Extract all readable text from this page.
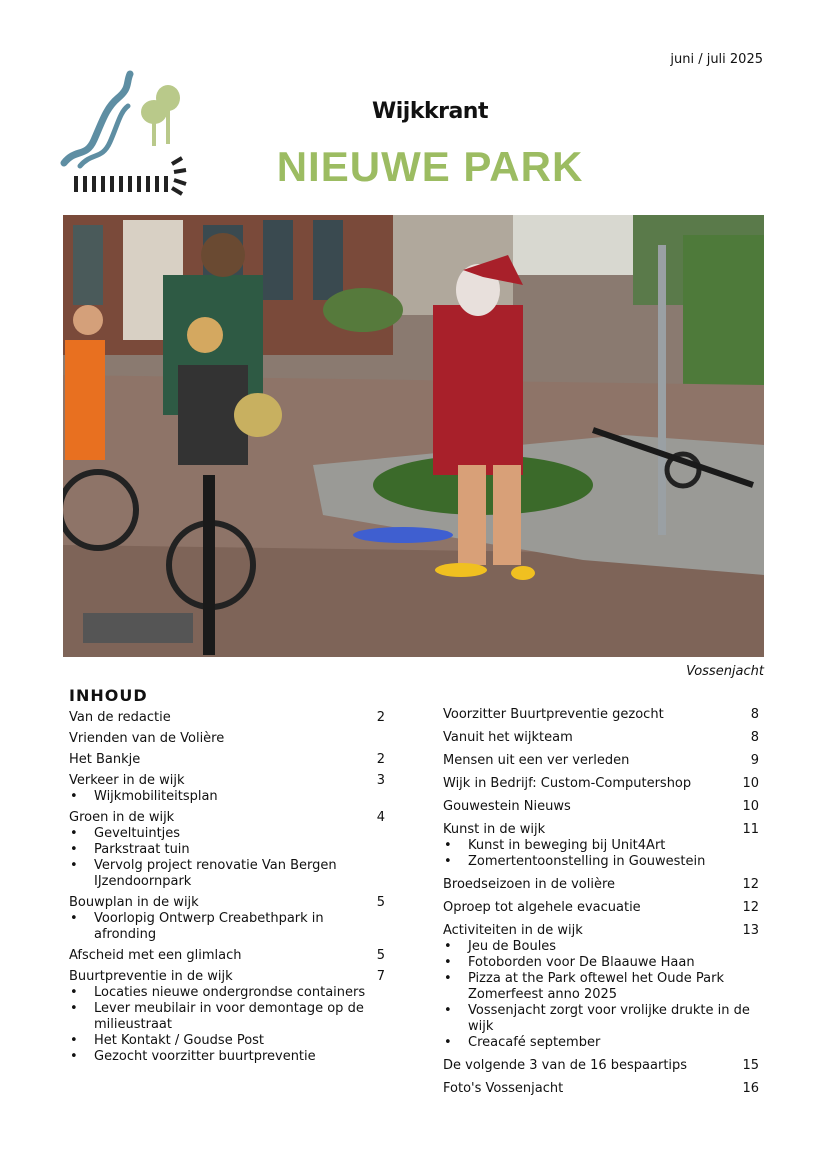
juni / juli 2025
Wijkkrant
NIEUWE PARK
Vossenjacht
INHOUD
Van de redactie	2
Vrienden van de Volière
Het Bankje	2
Verkeer in de wijk	3
• Wijkmobiliteitsplan
Groen in de wijk	4
• Geveltuintjes
• Parkstraat tuin
• Vervolg project renovatie Van Bergen IJzendoornpark
Bouwplan in de wijk	5
• Voorlopig Ontwerp Creabethpark in afronding
Afscheid met een glimlach	5
Buurtpreventie in de wijk	7
• Locaties nieuwe ondergrondse containers
• Lever meubilair in voor demontage op de milieustraat
• Het Kontakt / Goudse Post
• Gezocht voorzitter buurtpreventie
Voorzitter Buurtpreventie gezocht	8
Vanuit het wijkteam	8
Mensen uit een ver verleden	9
Wijk in Bedrijf: Custom-Computershop	10
Gouwestein Nieuws	10
Kunst in de wijk	11
• Kunst in beweging bij Unit4Art
• Zomertentoonstelling in Gouwestein
Broedseizoen in de volière	12
Oproep tot algehele evacuatie	12
Activiteiten in de wijk	13
• Jeu de Boules
• Fotoborden voor De Blaauwe Haan
• Pizza at the Park oftewel het Oude Park Zomerfeest anno 2025
• Vossenjacht zorgt voor vrolijke drukte in de wijk
• Creacafé september
De volgende 3 van de 16 bespaartips	15
Foto's Vossenjacht	16
